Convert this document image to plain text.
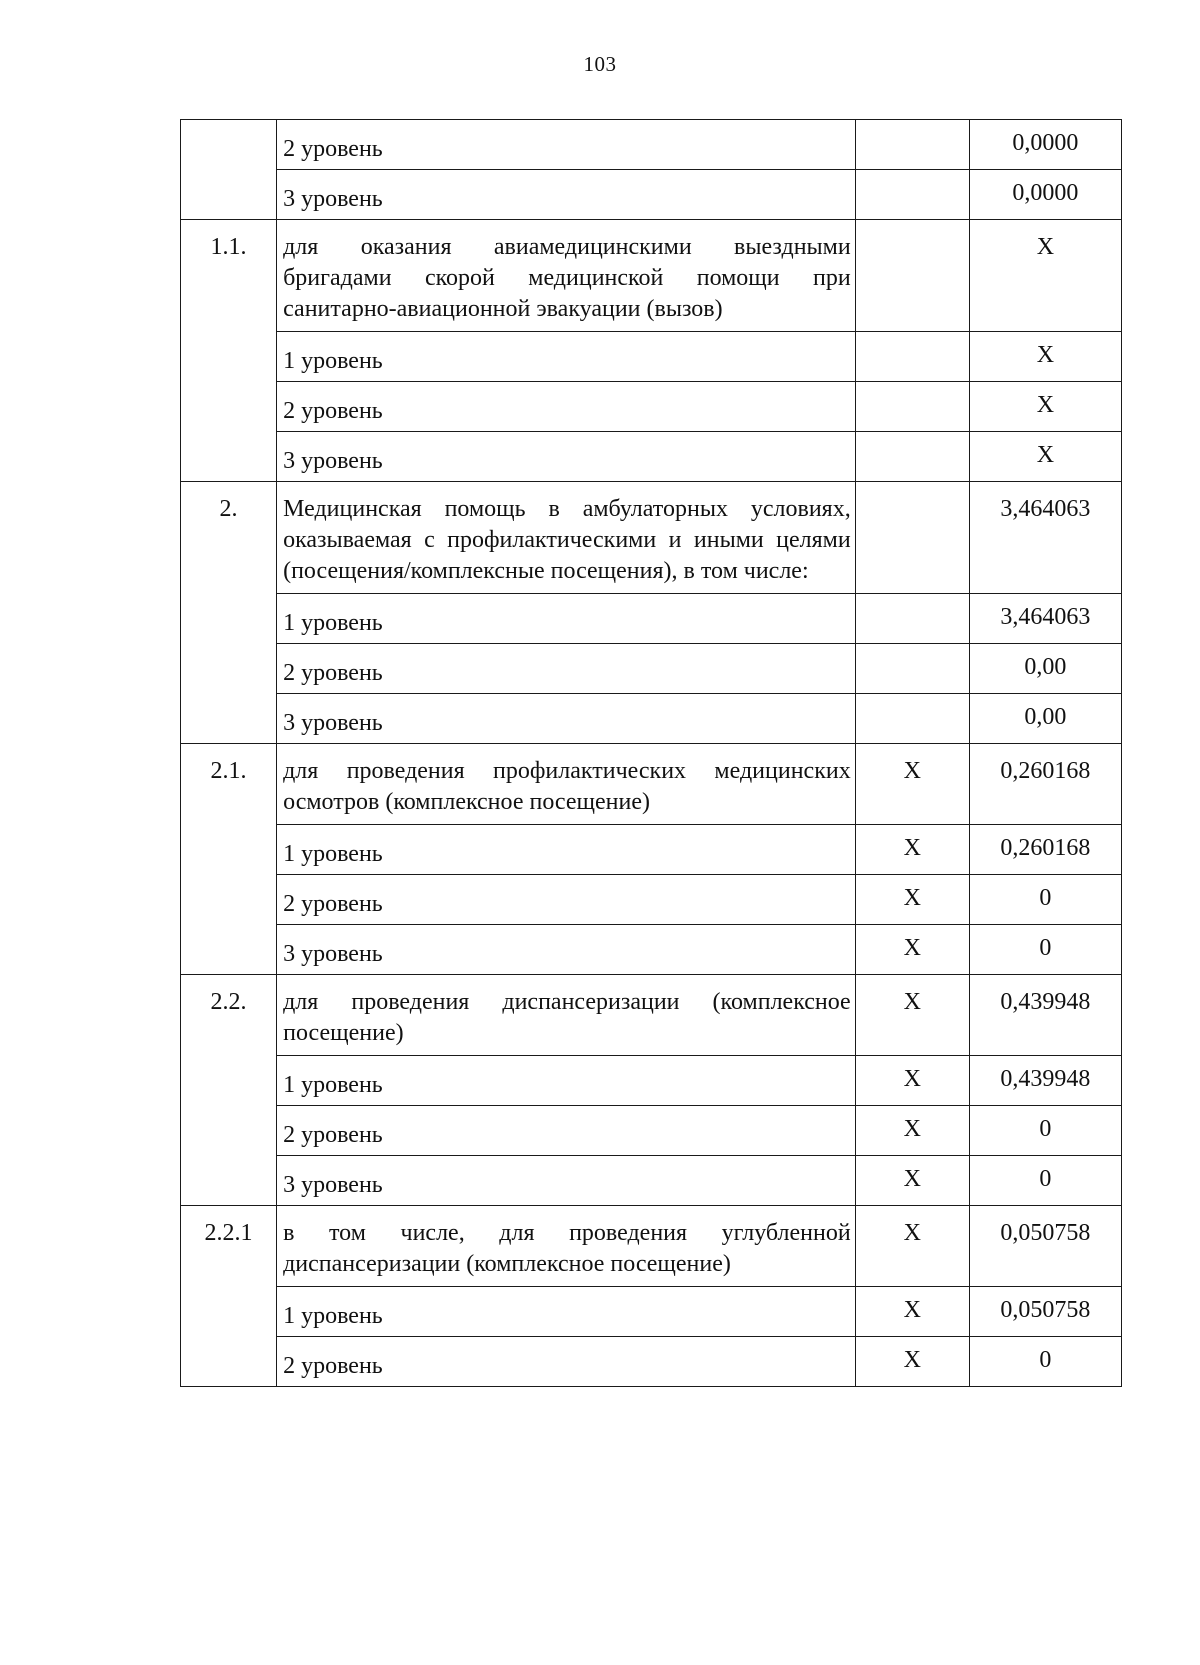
103
	2 уровень		0,0000
	3 уровень		0,0000
1.1.	для оказания авиамедицинскими выездными бригадами скорой медицинской помощи при санитарно-авиационной эвакуации (вызов)		X
	1 уровень		X
	2 уровень		X
	3 уровень		X
2.	Медицинская помощь в амбулаторных условиях, оказываемая с профилактическими и иными целями (посещения/комплексные посещения), в том числе:		3,464063
	1 уровень		3,464063
	2 уровень		0,00
	3 уровень		0,00
2.1.	для проведения профилактических медицинских осмотров (комплексное посещение)	X	0,260168
	1 уровень	X	0,260168
	2 уровень	X	0
	3 уровень	X	0
2.2.	для проведения диспансеризации (комплексное посещение)	X	0,439948
	1 уровень	X	0,439948
	2 уровень	X	0
	3 уровень	X	0
2.2.1	в том числе, для проведения углубленной диспансеризации (комплексное посещение)	X	0,050758
	1 уровень	X	0,050758
	2 уровень	X	0
